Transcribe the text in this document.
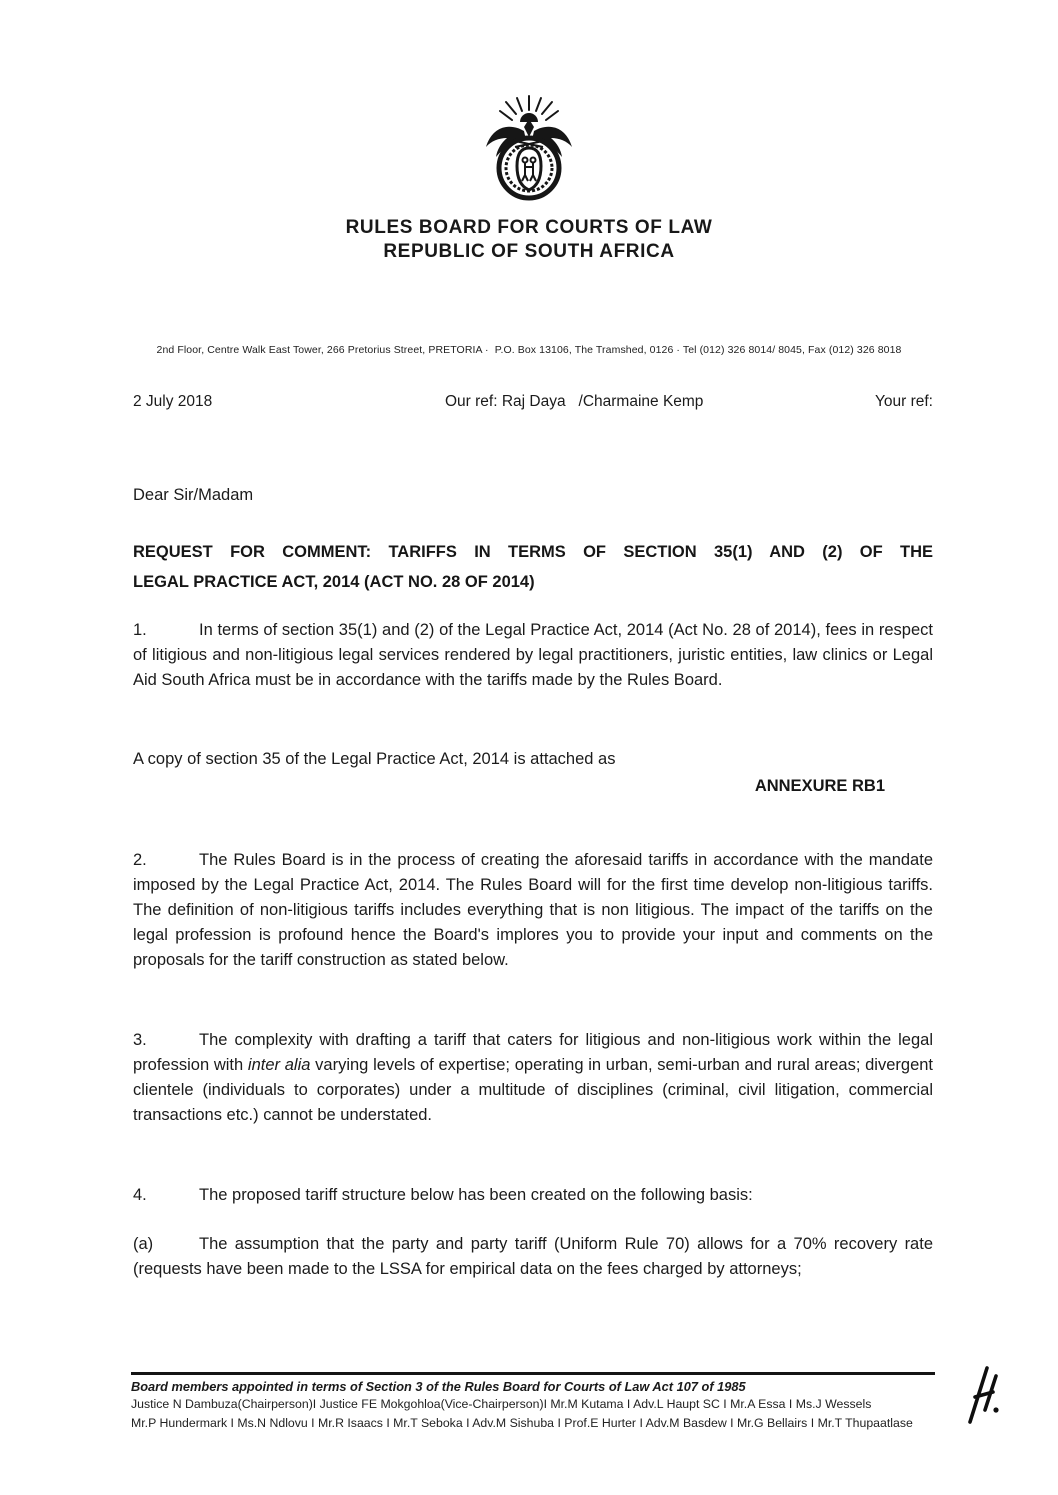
RULES BOARD FOR COURTS OF LAW
REPUBLIC OF SOUTH AFRICA
2nd Floor, Centre Walk East Tower, 266 Pretorius Street, PRETORIA ·  P.O. Box 13106, The Tramshed, 0126 · Tel (012) 326 8014/ 8045, Fax (012) 326 8018
2 July 2018	Our ref: Raj Daya   /Charmaine Kemp	Your ref:
Dear Sir/Madam
REQUEST FOR COMMENT: TARIFFS IN TERMS OF SECTION 35(1) AND (2) OF THE
LEGAL PRACTICE ACT, 2014 (ACT NO. 28 OF 2014)
1.	In terms of section 35(1) and (2) of the Legal Practice Act, 2014 (Act No. 28 of 2014), fees in respect of litigious and non-litigious legal services rendered by legal practitioners, juristic entities, law clinics or Legal Aid South Africa must be in accordance with the tariffs made by the Rules Board.
A copy of section 35 of the Legal Practice Act, 2014 is attached as
ANNEXURE RB1
2.	The Rules Board is in the process of creating the aforesaid tariffs in accordance with the mandate imposed by the Legal Practice Act, 2014. The Rules Board will for the first time develop non-litigious tariffs. The definition of non-litigious tariffs includes everything that is non litigious. The impact of the tariffs on the legal profession is profound hence the Board's implores you to provide your input and comments on the proposals for the tariff construction as stated below.
3.	The complexity with drafting a tariff that caters for litigious and non-litigious work within the legal profession with inter alia varying levels of expertise; operating in urban, semi-urban and rural areas; divergent clientele (individuals to corporates) under a multitude of disciplines (criminal, civil litigation, commercial transactions etc.) cannot be understated.
4.	The proposed tariff structure below has been created on the following basis:
(a)	The assumption that the party and party tariff (Uniform Rule 70) allows for a 70% recovery rate (requests have been made to the LSSA for empirical data on the fees charged by attorneys;
Board members appointed in terms of Section 3 of the Rules Board for Courts of Law Act 107 of 1985
Justice N Dambuza(Chairperson)I Justice FE Mokgohloa(Vice-Chairperson)I Mr.M Kutama I Adv.L Haupt SC I Mr.A Essa I Ms.J Wessels
Mr.P Hundermark I Ms.N Ndlovu I Mr.R Isaacs I Mr.T Seboka I Adv.M Sishuba I Prof.E Hurter I Adv.M Basdew I Mr.G Bellairs I Mr.T Thupaatlase
